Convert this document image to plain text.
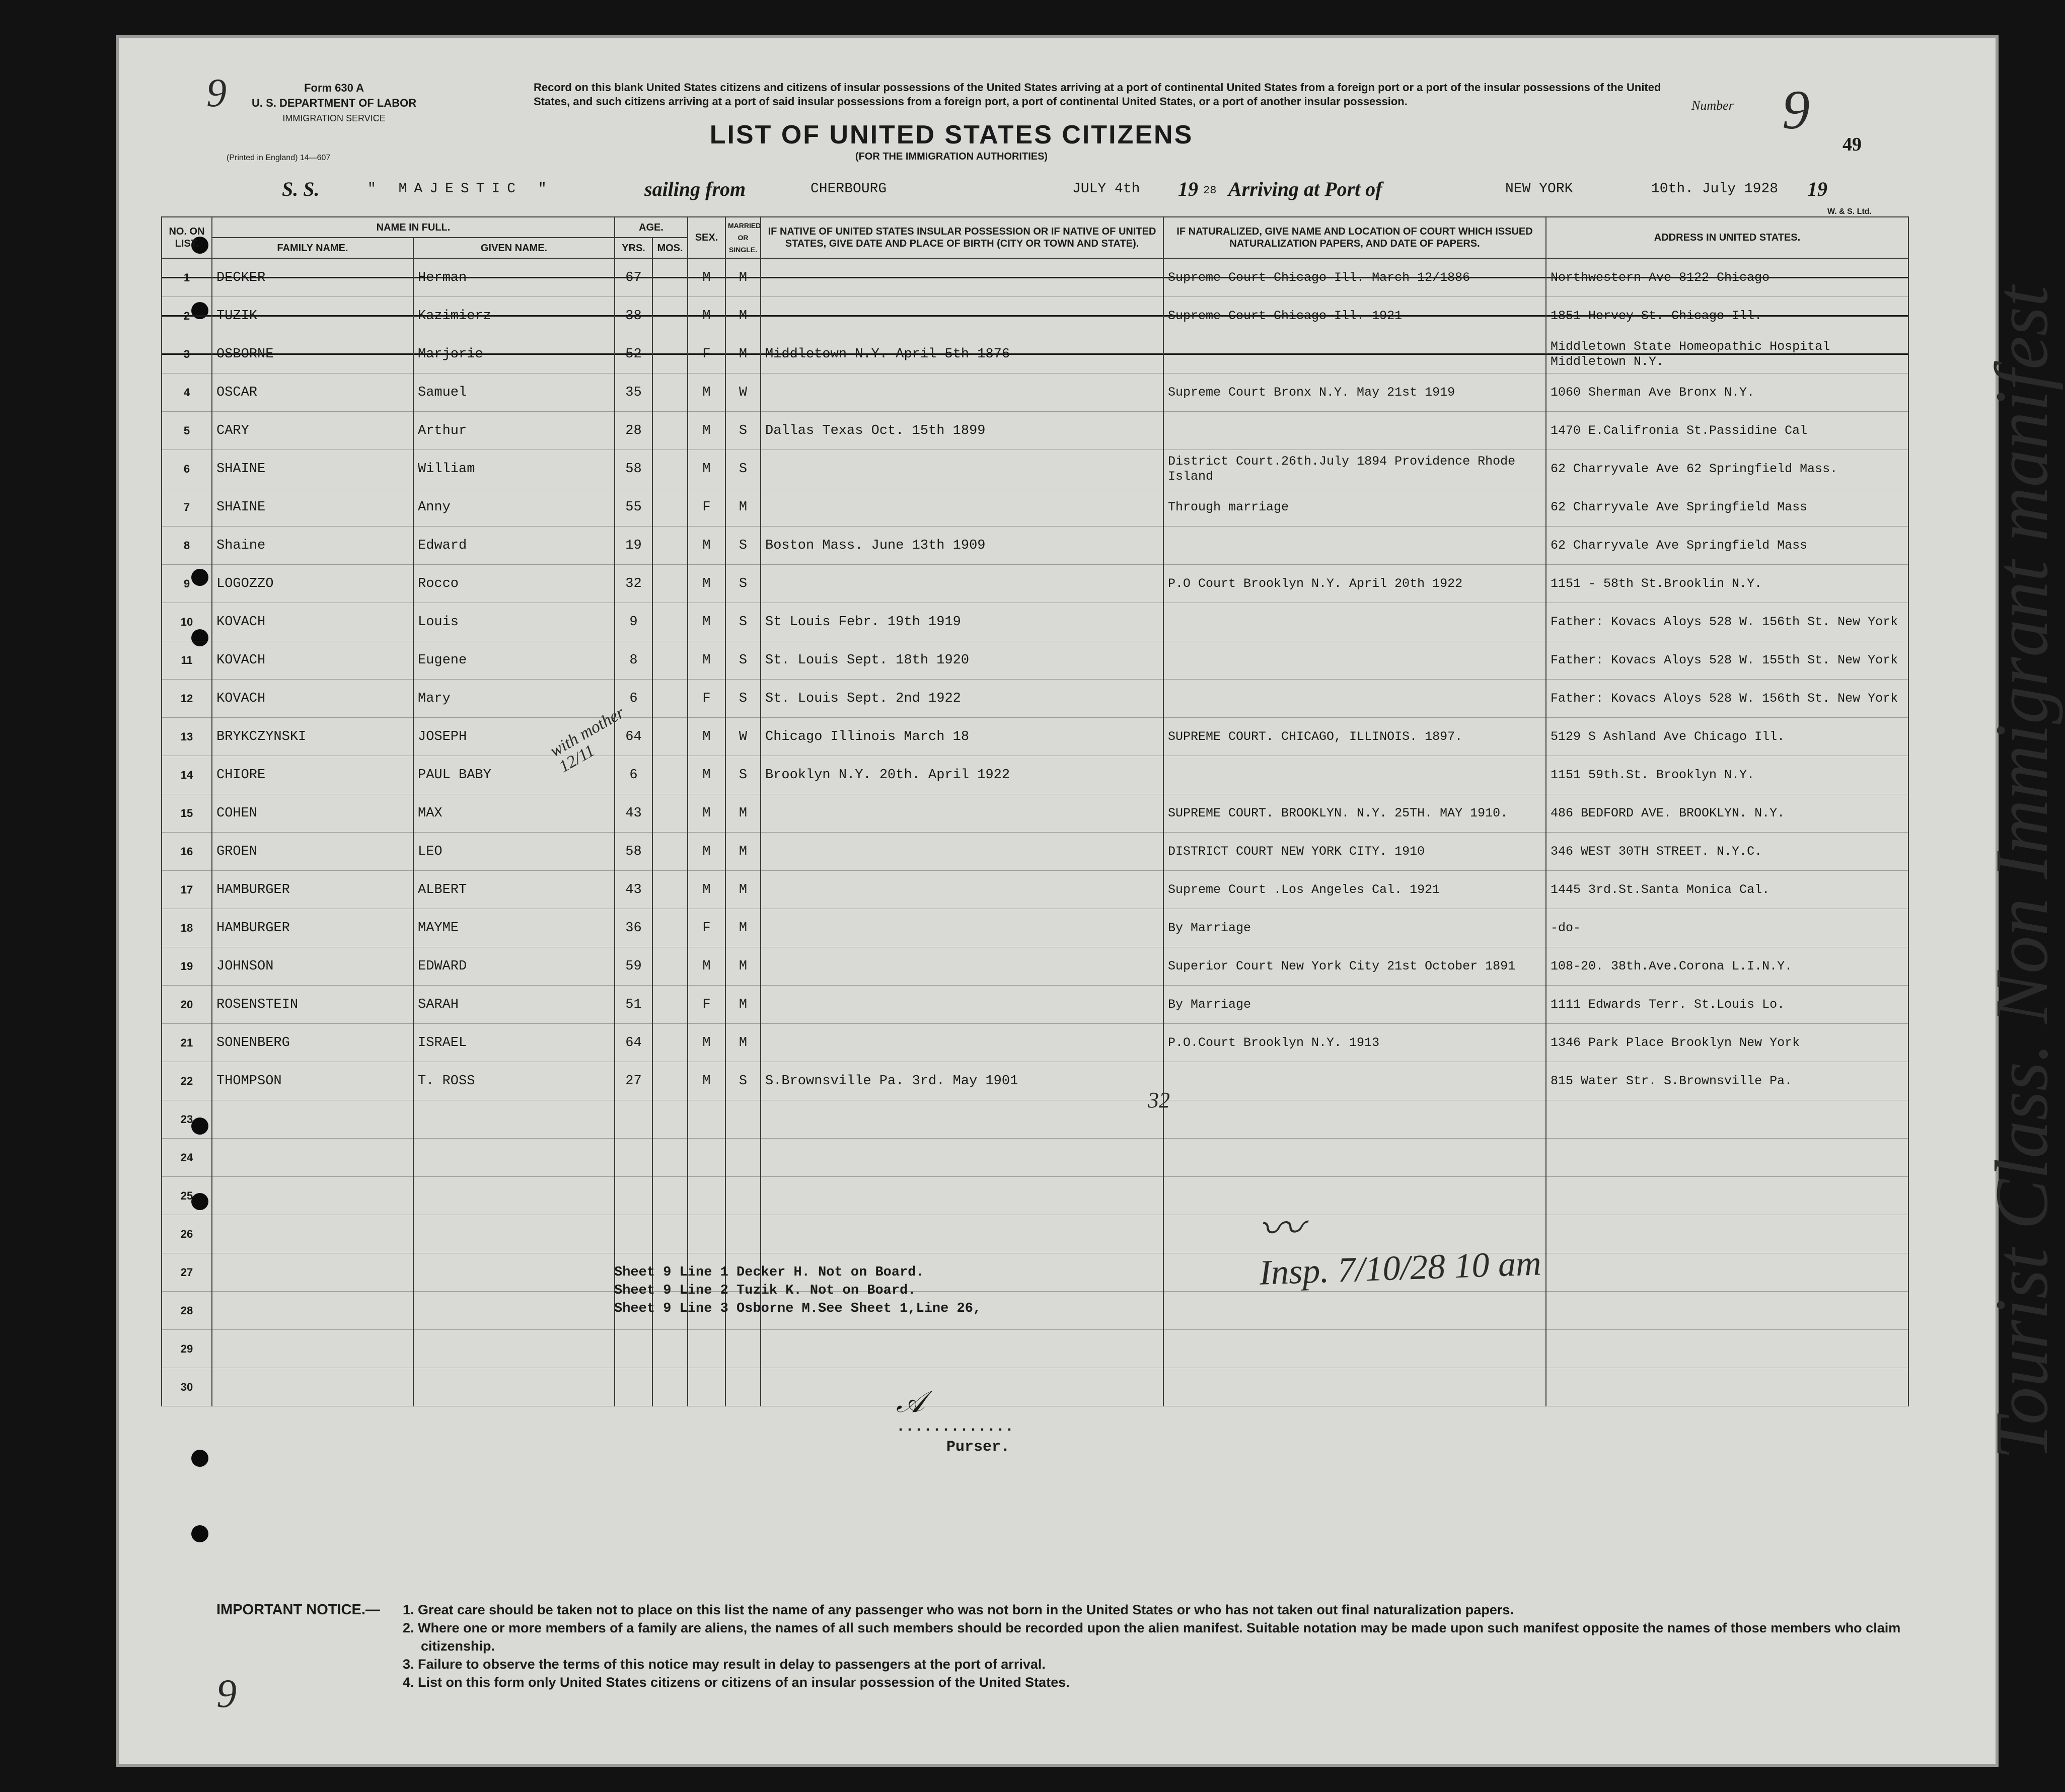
9
9
Form 630 A
U. S. DEPARTMENT OF LABOR
IMMIGRATION SERVICE
(Printed in England) 14—607
Record on this blank United States citizens and citizens of insular possessions of the United States arriving at a port of continental United States from a foreign port or a port of the insular possessions of the United States, and such citizens arriving at a port of said insular possessions from a foreign port, a port of continental United States, or a port of another insular possession.
LIST OF UNITED STATES CITIZENS
(FOR THE IMMIGRATION AUTHORITIES)
Number 9
49
S. S.	" MAJESTIC "	sailing from	CHERBOURG	JULY 4th 19 28 Arriving at Port of	NEW YORK	10th. July 1928 19
W. & S. Ltd.
NO. ON LIST.	NAME IN FULL.		AGE.		SEX.	MARRIED OR SINGLE.	IF NATIVE OF UNITED STATES INSULAR POSSESSION OR IF NATIVE OF UNITED STATES, GIVE DATE AND PLACE OF BIRTH (CITY OR TOWN AND STATE).	IF NATURALIZED, GIVE NAME AND LOCATION OF COURT WHICH ISSUED NATURALIZATION PAPERS, AND DATE OF PAPERS.	ADDRESS IN UNITED STATES.
	FAMILY NAME.	GIVEN NAME.	YRS.	MOS.					
1	DECKER	Herman	67		M	M		Supreme Court Chicago Ill. March 12/1886	Northwestern Ave 8122 Chicago
2	TUZIK	Kazimierz	38		M	M		Supreme Court Chicago Ill. 1921	1851 Hervey St. Chicago Ill.
3	OSBORNE	Marjorie	52		F	M	Middletown N.Y. April 5th 1876		Middletown State Homeopathic Hospital Middletown N.Y.
4	OSCAR	Samuel	35		M	W		Supreme Court Bronx N.Y. May 21st 1919	1060 Sherman Ave Bronx N.Y.
5	CARY	Arthur	28		M	S	Dallas Texas Oct. 15th 1899		1470 E.Califronia St.Passidine Cal
6	SHAINE	William	58		M	S		District Court.26th.July 1894 Providence Rhode Island	62 Charryvale Ave 62 Springfield Mass.
7	SHAINE	Anny	55		F	M		Through marriage	62 Charryvale Ave Springfield Mass
8	Shaine	Edward	19		M	S	Boston Mass. June 13th 1909		62 Charryvale Ave Springfield Mass
9	LOGOZZO	Rocco	32		M	S		P.O Court Brooklyn N.Y. April 20th 1922	1151 - 58th St.Brooklin N.Y.
10	KOVACH	Louis	9		M	S	St Louis Febr. 19th 1919		Father: Kovacs Aloys 528 W. 156th St. New York
11	KOVACH	Eugene	8		M	S	St. Louis Sept. 18th 1920		Father: Kovacs Aloys 528 W. 155th St. New York
12	KOVACH	Mary	6		F	S	St. Louis Sept. 2nd 1922		Father: Kovacs Aloys 528 W. 156th St. New York
13	BRYKCZYNSKI	JOSEPH	64		M	W	Chicago Illinois March 18	SUPREME COURT. CHICAGO, ILLINOIS. 1897.	5129 S Ashland Ave Chicago Ill.
14	CHIORE	PAUL BABY	6		M	S	Brooklyn N.Y. 20th. April 1922		1151 59th.St. Brooklyn N.Y.
15	COHEN	MAX	43		M	M		SUPREME COURT. BROOKLYN. N.Y. 25TH. MAY 1910.	486 BEDFORD AVE. BROOKLYN. N.Y.
16	GROEN	LEO	58		M	M		DISTRICT COURT NEW YORK CITY. 1910	346 WEST 30TH STREET. N.Y.C.
17	HAMBURGER	ALBERT	43		M	M		Supreme Court .Los Angeles Cal. 1921	1445 3rd.St.Santa Monica Cal.
18	HAMBURGER	MAYME	36		F	M		By Marriage	-do-
19	JOHNSON	EDWARD	59		M	M		Superior Court New York City 21st October 1891	108-20. 38th.Ave.Corona L.I.N.Y.
20	ROSENSTEIN	SARAH	51		F	M		By Marriage	1111 Edwards Terr. St.Louis Lo.
21	SONENBERG	ISRAEL	64		M	M		P.O.Court Brooklyn N.Y. 1913	1346 Park Place Brooklyn New York
22	THOMPSON	T. ROSS	27		M	S	S.Brownsville Pa. 3rd. May 1901		815 Water Str. S.Brownsville Pa.
23									
24									
25									
26									
27									
28									
29									
30									
Sheet 9 Line 1 Decker H. Not on Board.
Sheet 9 Line 2 Tuzik K. Not on Board.
Sheet 9 Line 3 Osborne M.See Sheet 1,Line 26,
𝒜
.............
Purser.
32
with mother 12/11
〰
Insp. 7/10/28 10 am	Tourist Class. Non Immigrant manifest
IMPORTANT NOTICE.— 1. Great care should be taken not to place on this list the name of any passenger who was not born in the United States or who has not taken out final naturalization papers.
2. Where one or more members of a family are aliens, the names of all such members should be recorded upon the alien manifest. Suitable notation may be made upon such manifest opposite the names of those members who claim citizenship.
3. Failure to observe the terms of this notice may result in delay to passengers at the port of arrival.
4. List on this form only United States citizens or citizens of an insular possession of the United States.
